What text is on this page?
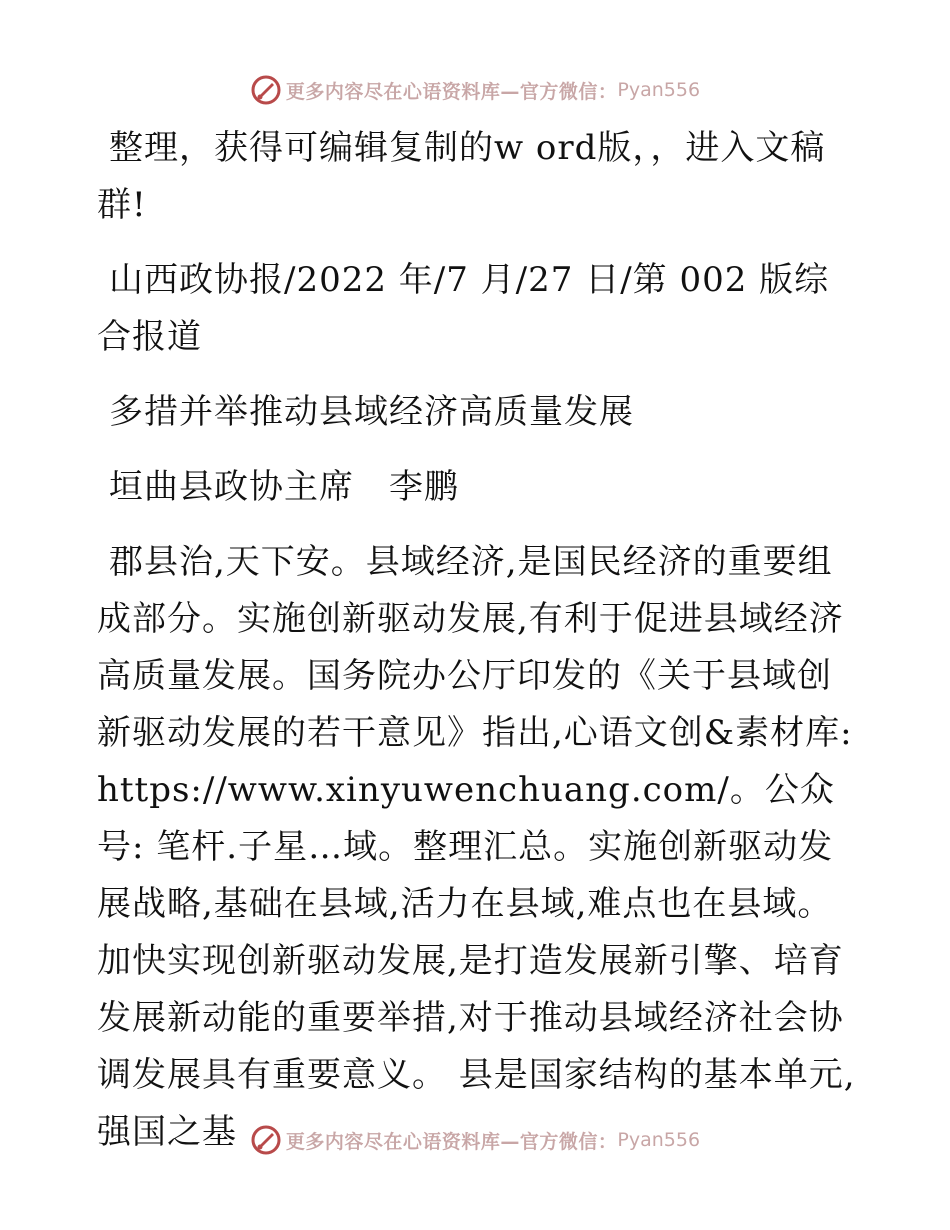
更多内容尽在心语资料库—官方微信： Pyan556

整理，获得可编辑复制的w ord版，，进入文稿群!

山西政协报/2022 年/7 月/27 日/第 002 版综合报道

多措并举推动县域经济高质量发展

垣曲县政协主席　李鹏

郡县治,天下安。县域经济,是国民经济的重要组成部分。实施创新驱动发展,有利于促进县域经济高质量发展。国务院办公厅印发的《关于县域创新驱动发展的若干意见》指出,心语文创&素材库:https://www.xinyuwenchuang.com/。公众号: 笔杆.子星…域。整理汇总。实施创新驱动发展战略,基础在县域,活力在县域,难点也在县域。加快实现创新驱动发展,是打造发展新引擎、培育发展新动能的重要举措,对于推动县域经济社会协调发展具有重要意义。 县是国家结构的基本单元,强国之基	更多内容尽在心语资料库—官方微信： Pyan556
